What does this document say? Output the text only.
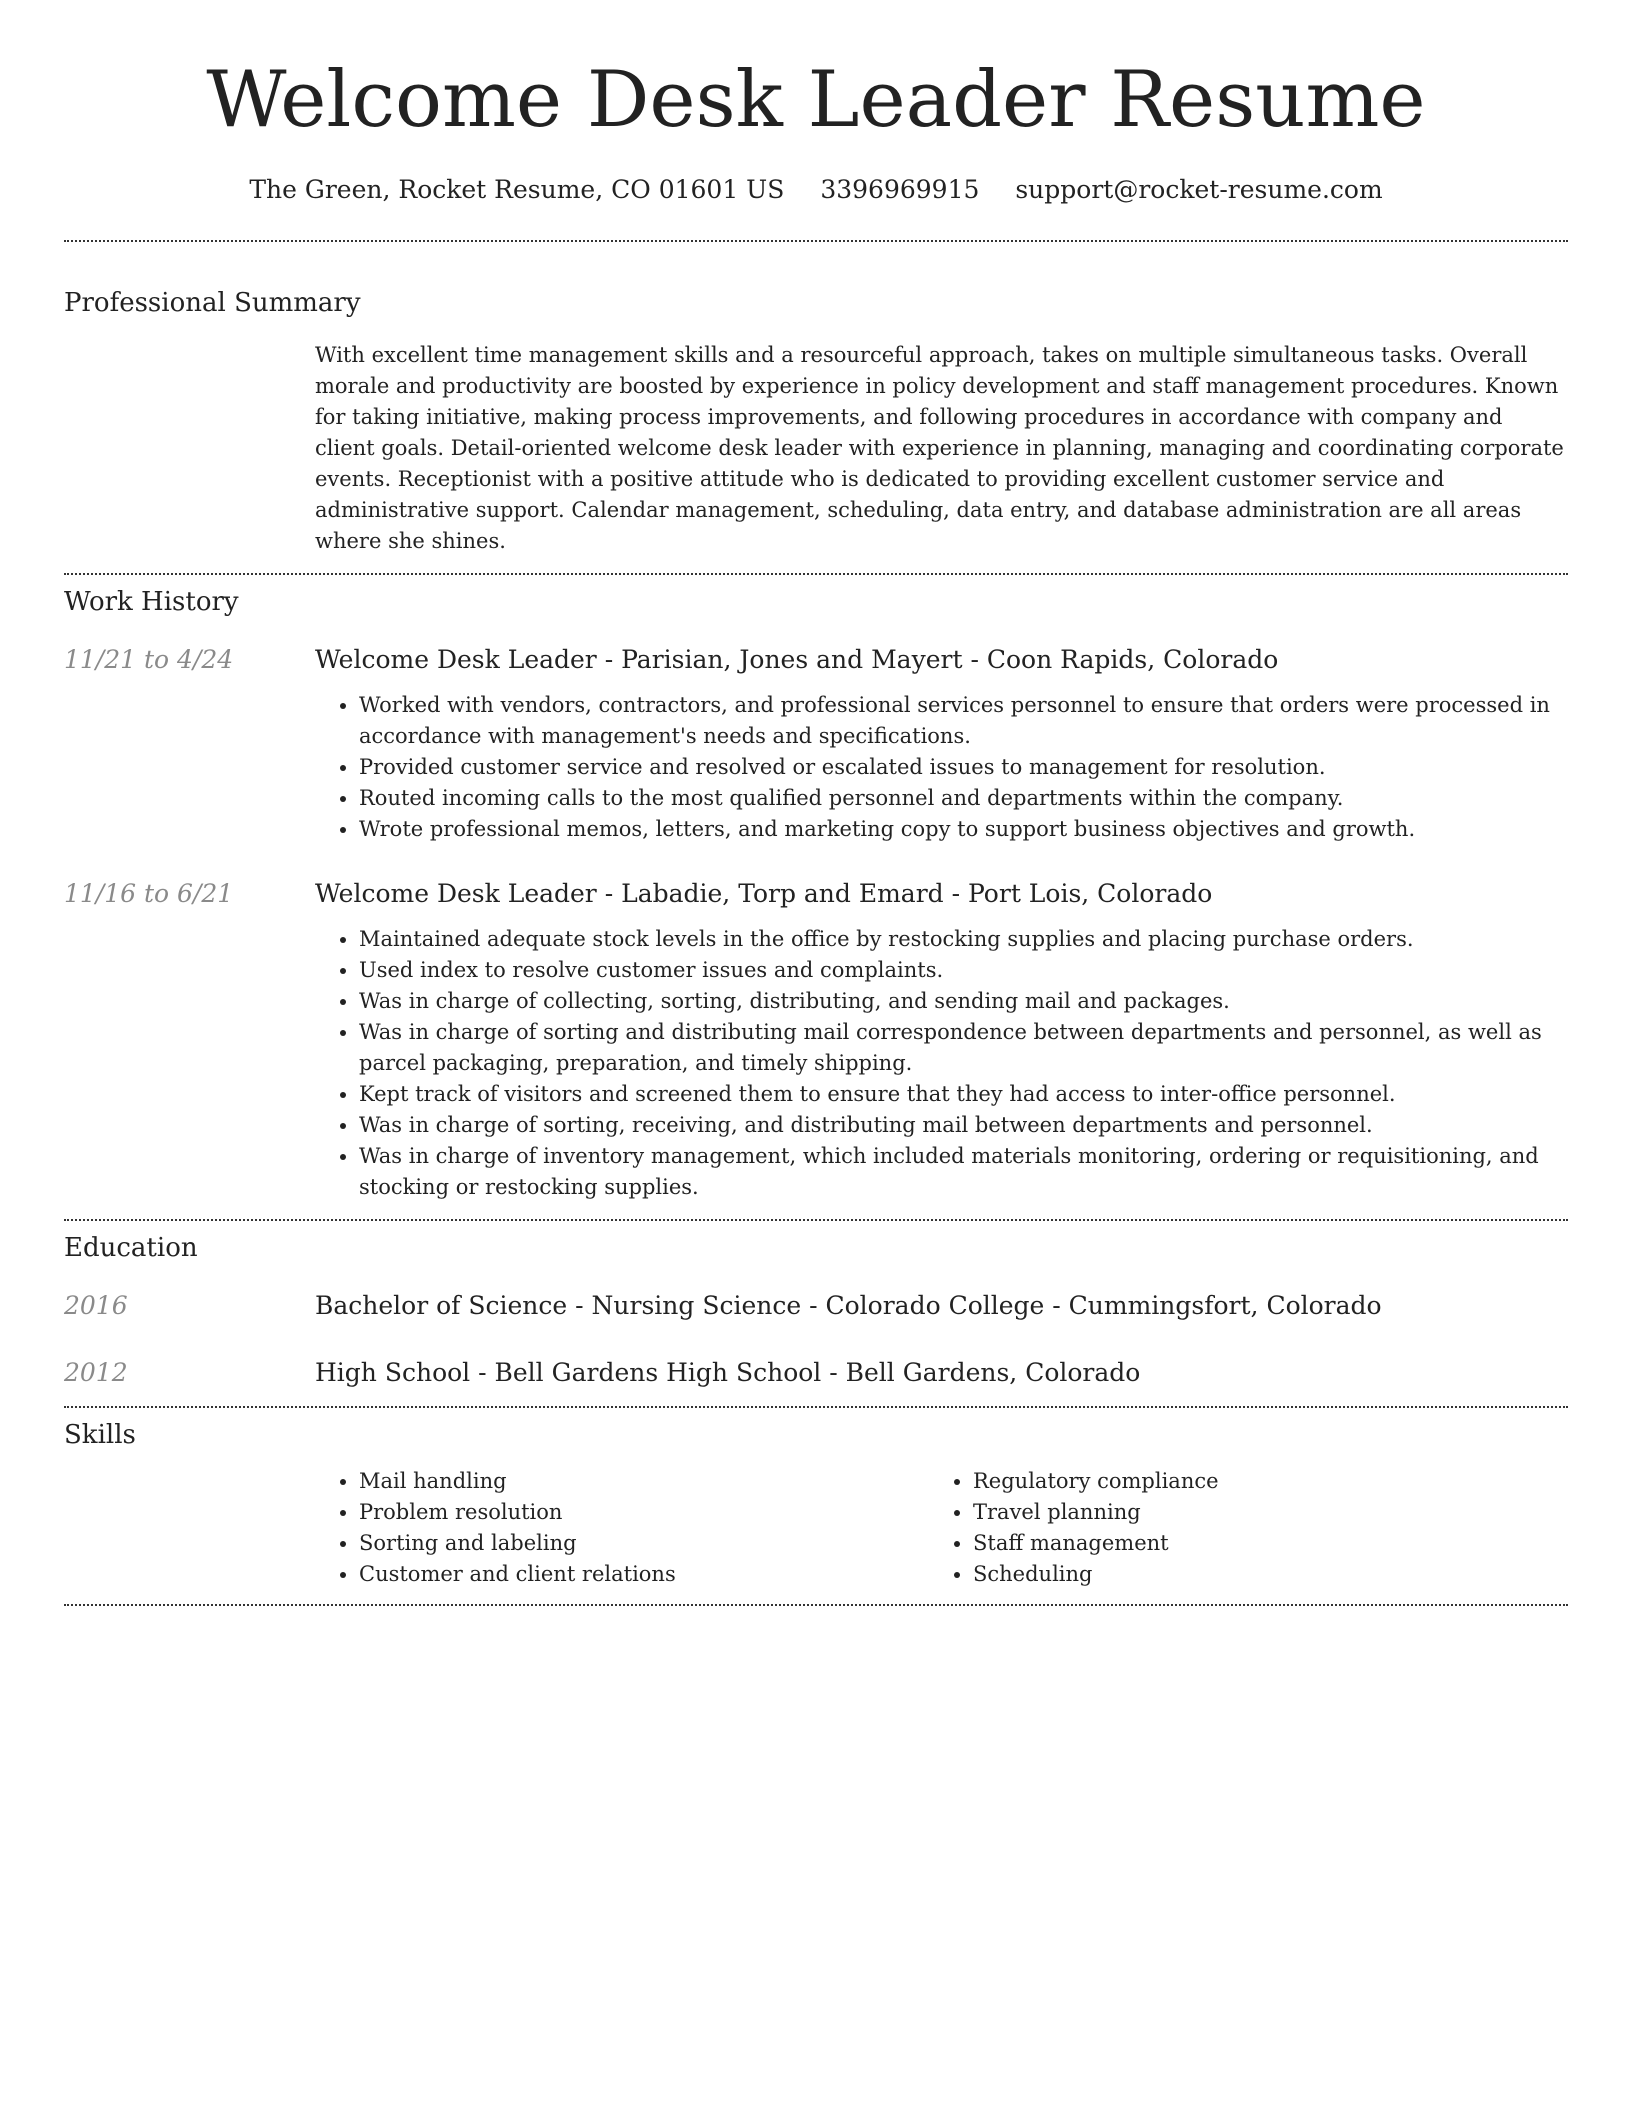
Welcome Desk Leader Resume
The Green, Rocket Resume, CO 01601 US 3396969915 support@rocket-resume.com
Professional Summary
With excellent time management skills and a resourceful approach, takes on multiple simultaneous tasks. Overall morale and productivity are boosted by experience in policy development and staff management procedures. Known for taking initiative, making process improvements, and following procedures in accordance with company and client goals. Detail-oriented welcome desk leader with experience in planning, managing and coordinating corporate events. Receptionist with a positive attitude who is dedicated to providing excellent customer service and administrative support. Calendar management, scheduling, data entry, and database administration are all areas where she shines.
Work History
11/21 to 4/24	Welcome Desk Leader - Parisian, Jones and Mayert - Coon Rapids, Colorado
• Worked with vendors, contractors, and professional services personnel to ensure that orders were processed in accordance with management's needs and specifications.
• Provided customer service and resolved or escalated issues to management for resolution.
• Routed incoming calls to the most qualified personnel and departments within the company.
• Wrote professional memos, letters, and marketing copy to support business objectives and growth.
11/16 to 6/21	Welcome Desk Leader - Labadie, Torp and Emard - Port Lois, Colorado
• Maintained adequate stock levels in the office by restocking supplies and placing purchase orders.
• Used index to resolve customer issues and complaints.
• Was in charge of collecting, sorting, distributing, and sending mail and packages.
• Was in charge of sorting and distributing mail correspondence between departments and personnel, as well as parcel packaging, preparation, and timely shipping.
• Kept track of visitors and screened them to ensure that they had access to inter-office personnel.
• Was in charge of sorting, receiving, and distributing mail between departments and personnel.
• Was in charge of inventory management, which included materials monitoring, ordering or requisitioning, and stocking or restocking supplies.
Education
2016	Bachelor of Science - Nursing Science - Colorado College - Cummingsfort, Colorado
2012	High School - Bell Gardens High School - Bell Gardens, Colorado
Skills
• Mail handling
• Problem resolution
• Sorting and labeling
• Customer and client relations
• Regulatory compliance
• Travel planning
• Staff management
• Scheduling
